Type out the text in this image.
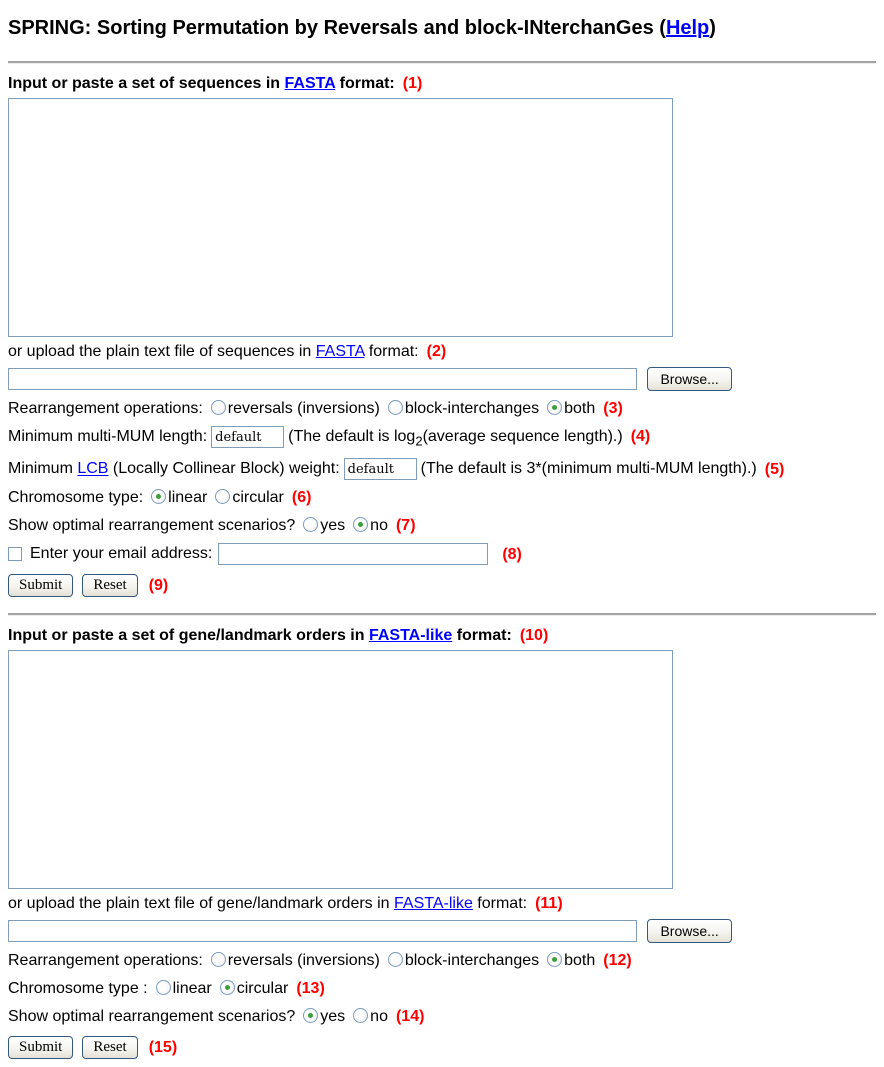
SPRING: Sorting Permutation by Reversals and block-INterchanGes (Help)
Input or paste a set of sequences in FASTA format: (1)
or upload the plain text file of sequences in FASTA format: (2)
Browse...
Rearrangement operations: reversals (inversions) block-interchanges both (3)
Minimum multi-MUM length:default	(The default is $\log_2(average$ sequence length).) (4)
Minimum LCB (Locally Collinear Block) weight:default	(The default is 3*(minimum multi-MUM length).) (5)
Chromosome type: linear circular (6)
Show optimal rearrangement scenarios? yes no (7)
Enter your email address:	(8)
Submit Reset (9)
Input or paste a set of gene/landmark orders in FASTA-like format: (10)
or upload the plain text file of gene/landmark orders in FASTA-like format: (11)
Browse...
Rearrangement operations: reversals (inversions) block-interchanges both (12)
Chromosome type : linear circular (13)
Show optimal rearrangement scenarios? yes no (14)
Submit Reset (15)
